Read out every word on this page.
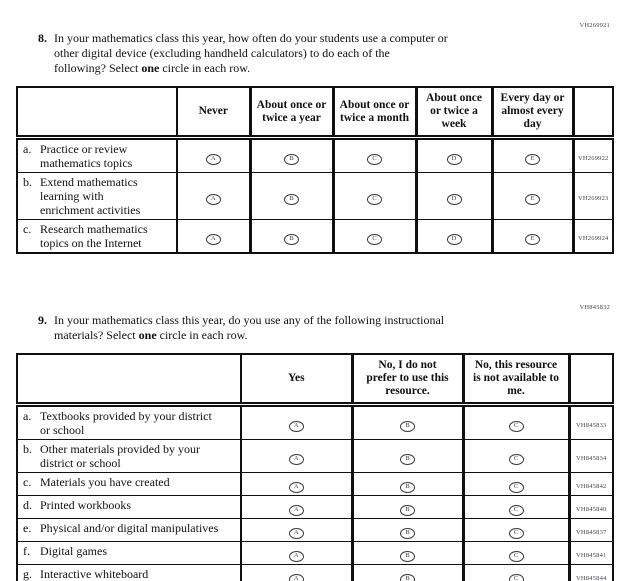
VH269921
8. In your mathematics class this year, how often do your students use a computer or
other digital device (excluding handheld calculators) to do each of the
following? Select one circle in each row.
	Never	About once or twice a year	About once or twice a month	About once or twice a week	Every day or almost every day	

a. Practice or review mathematics topics	A	B	C	D	E	VH269922

b. Extend mathematics learning with enrichment activities	A	B	C	D	E	VH269923

c. Research mathematics topics on the Internet	A	B	C	D	E	VH269924
VH845832
9. In your mathematics class this year, do you use any of the following instructional
materials? Select one circle in each row.
	Yes	No, I do not prefer to use this resource.	No, this resource is not available to me.	

a. Textbooks provided by your district or school	A	B	C	VH845833

b. Other materials provided by your district or school	A	B	C	VH845834

c. Materials you have created	A	B	C	VH845842

d. Printed workbooks	A	B	C	VH845840

e. Physical and/or digital manipulatives	A	B	C	VH845837

f. Digital games	A	B	C	VH845841

g. Interactive whiteboard	A	B	C	VH845844
